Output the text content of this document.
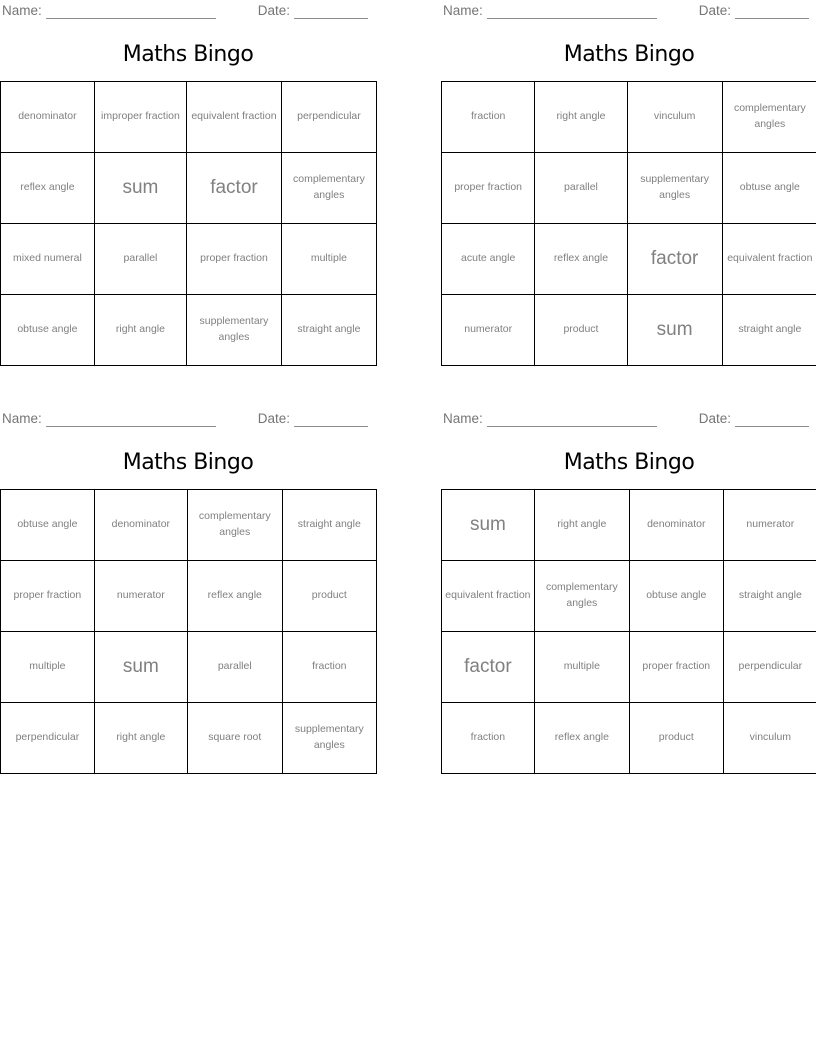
Name:	Date:
Maths Bingo
denominator	improper fraction	equivalent fraction	perpendicular
reflex angle	sum	factor	complementary angles
mixed numeral	parallel	proper fraction	multiple
obtuse angle	right angle	supplementary angles	straight angle
Name:	Date:
Maths Bingo
fraction	right angle	vinculum	complementary angles
proper fraction	parallel	supplementary angles	obtuse angle
acute angle	reflex angle	factor	equivalent fraction
numerator	product	sum	straight angle
Name:	Date:
Maths Bingo
obtuse angle	denominator	complementary angles	straight angle
proper fraction	numerator	reflex angle	product
multiple	sum	parallel	fraction
perpendicular	right angle	square root	supplementary angles
Name:	Date:
Maths Bingo
sum	right angle	denominator	numerator
equivalent fraction	complementary angles	obtuse angle	straight angle
factor	multiple	proper fraction	perpendicular
fraction	reflex angle	product	vinculum
